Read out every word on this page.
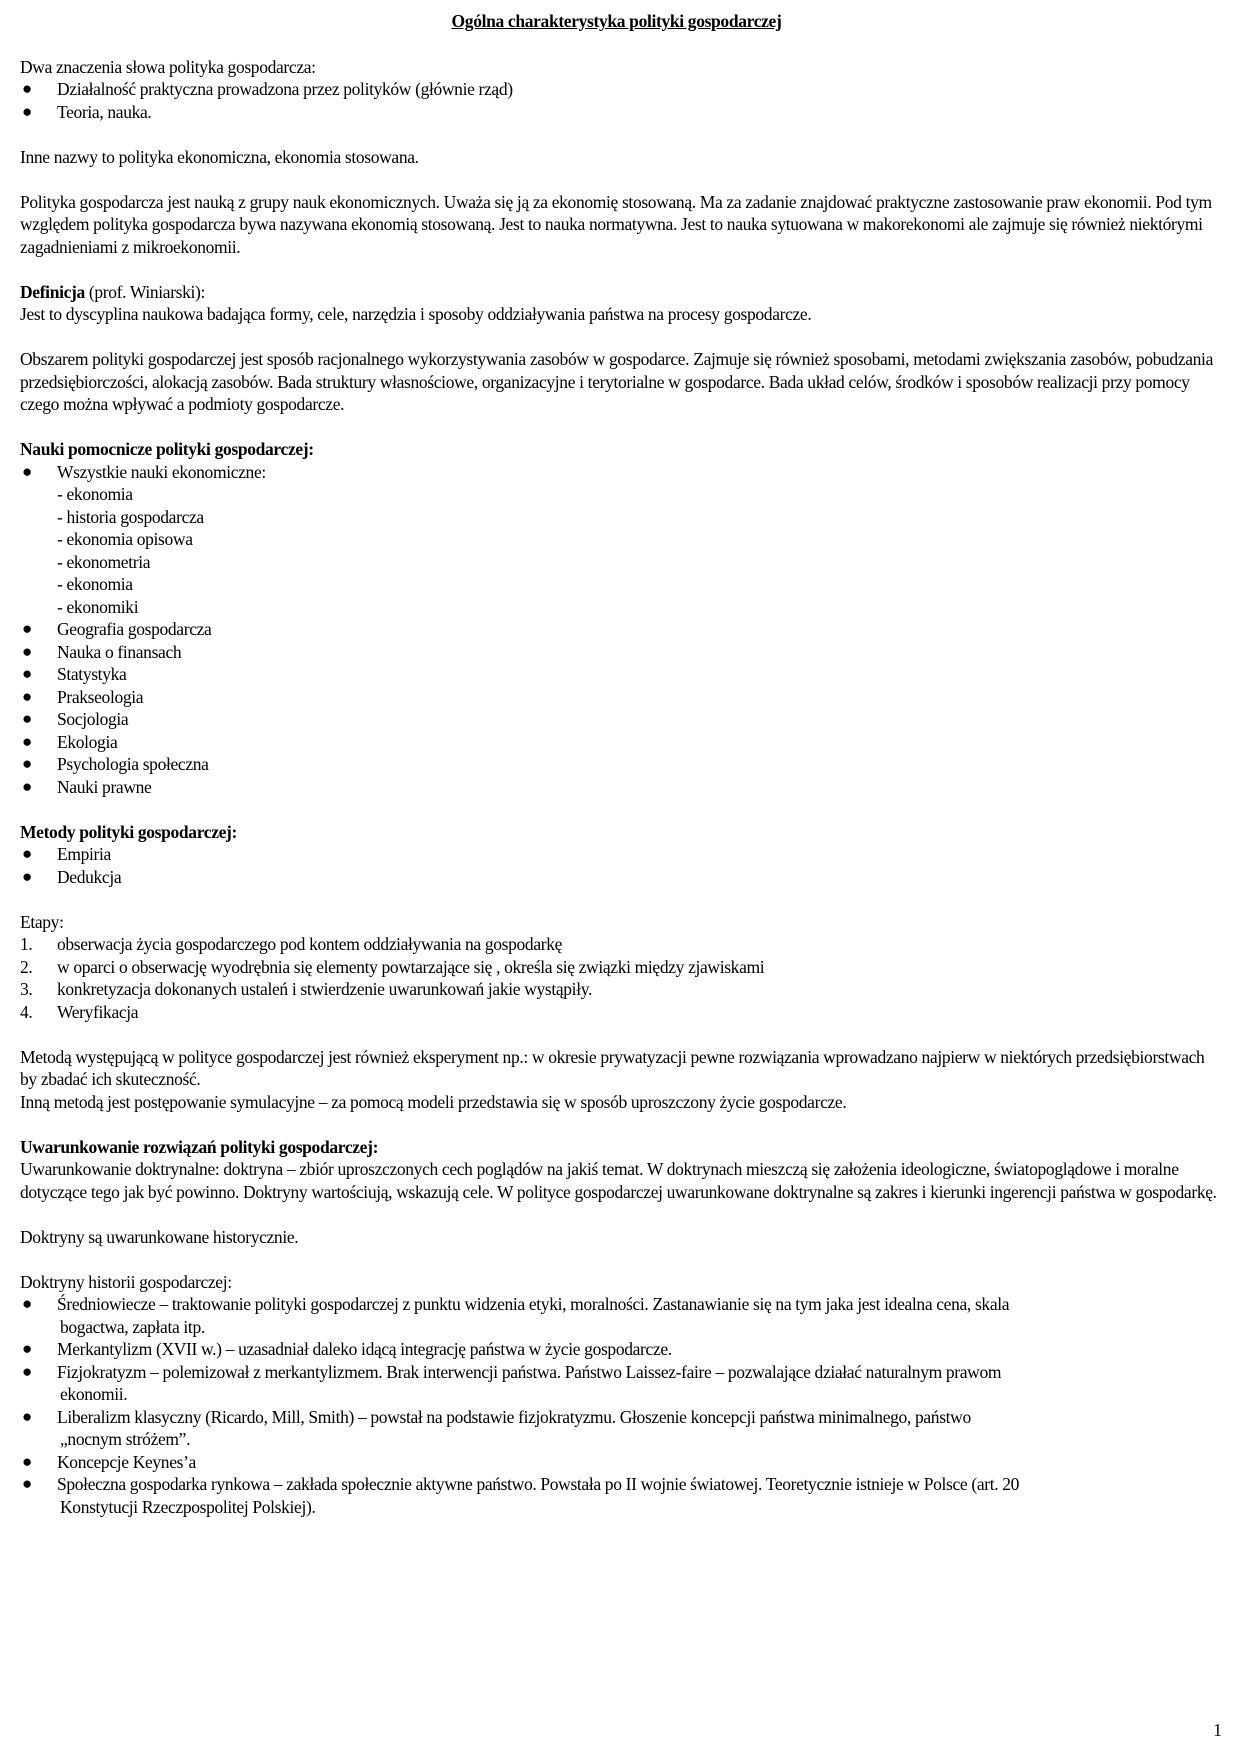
Ogólna charakterystyka polityki gospodarczej

Dwa znaczenia słowa polityka gospodarcza:

● Działalność praktyczna prowadzona przez polityków (głównie rząd)
● Teoria, nauka.

Inne nazwy to polityka ekonomiczna, ekonomia stosowana.

Polityka gospodarcza jest nauką z grupy nauk ekonomicznych. Uważa się ją za ekonomię stosowaną. Ma za zadanie znajdować praktyczne zastosowanie praw ekonomii. Pod tym względem polityka gospodarcza bywa nazywana ekonomią stosowaną. Jest to nauka normatywna. Jest to nauka sytuowana w makorekonomi ale zajmuje się również niektórymi zagadnieniami z mikroekonomii.

Definicja (prof. Winiarski):

Jest to dyscyplina naukowa badająca formy, cele, narzędzia i sposoby oddziaływania państwa na procesy gospodarcze.

Obszarem polityki gospodarczej jest sposób racjonalnego wykorzystywania zasobów w gospodarce. Zajmuje się również sposobami, metodami zwiększania zasobów, pobudzania przedsiębiorczości, alokacją zasobów. Bada struktury własnościowe, organizacyjne i terytorialne w gospodarce. Bada układ celów, środków i sposobów realizacji przy pomocy czego można wpływać a podmioty gospodarcze.

Nauki pomocnicze polityki gospodarczej:

● Wszystkie nauki ekonomiczne:
- ekonomia
- historia gospodarcza
- ekonomia opisowa
- ekonometria
- ekonomia
- ekonomiki
● Geografia gospodarcza
● Nauka o finansach
● Statystyka
● Prakseologia
● Socjologia
● Ekologia
● Psychologia społeczna
● Nauki prawne

Metody polityki gospodarczej:

● Empiria
● Dedukcja

Etapy:

1. obserwacja życia gospodarczego pod kontem oddziaływania na gospodarkę
2. w oparci o obserwację wyodrębnia się elementy powtarzające się , określa się związki między zjawiskami
3. konkretyzacja dokonanych ustaleń i stwierdzenie uwarunkowań jakie wystąpiły.
4. Weryfikacja

Metodą występującą w polityce gospodarczej jest również eksperyment np.: w okresie prywatyzacji pewne rozwiązania wprowadzano najpierw w niektórych przedsiębiorstwach by zbadać ich skuteczność.

Inną metodą jest postępowanie symulacyjne – za pomocą modeli przedstawia się w sposób uproszczony życie gospodarcze.

Uwarunkowanie rozwiązań polityki gospodarczej:

Uwarunkowanie doktrynalne: doktryna – zbiór uproszczonych cech poglądów na jakiś temat. W doktrynach mieszczą się założenia ideologiczne, światopoglądowe i moralne dotyczące tego jak być powinno. Doktryny wartościują, wskazują cele. W polityce gospodarczej uwarunkowane doktrynalne są zakres i kierunki ingerencji państwa w gospodarkę.

Doktryny są uwarunkowane historycznie.

Doktryny historii gospodarczej:

● Średniowiecze – traktowanie polityki gospodarczej z punktu widzenia etyki, moralności. Zastanawianie się na tym jaka jest idealna cena, skala
bogactwa, zapłata itp.
● Merkantylizm (XVII w.) – uzasadniał daleko idącą integrację państwa w życie gospodarcze.
● Fizjokratyzm – polemizował z merkantylizmem. Brak interwencji państwa. Państwo Laissez-faire – pozwalające działać naturalnym prawom
ekonomii.
● Liberalizm klasyczny (Ricardo, Mill, Smith) – powstał na podstawie fizjokratyzmu. Głoszenie koncepcji państwa minimalnego, państwo
„nocnym stróżem”.
● Koncepcje Keynes’a
● Społeczna gospodarka rynkowa – zakłada społecznie aktywne państwo. Powstała po II wojnie światowej. Teoretycznie istnieje w Polsce (art. 20
Konstytucji Rzeczpospolitej Polskiej).
1
